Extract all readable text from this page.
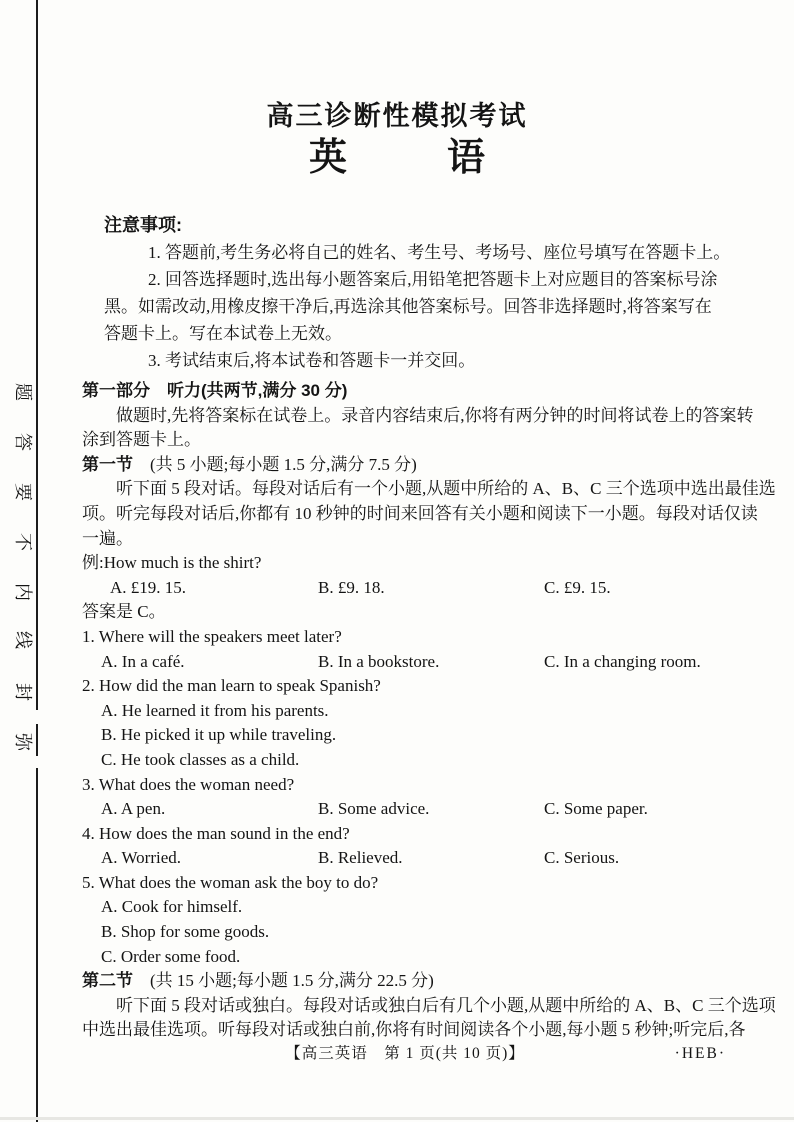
题
答
要
不
内
线
封
弥
高三诊断性模拟考试
英	语
注意事项:
1. 答题前,考生务必将自己的姓名、考生号、考场号、座位号填写在答题卡上。
2. 回答选择题时,选出每小题答案后,用铅笔把答题卡上对应题目的答案标号涂
黑。如需改动,用橡皮擦干净后,再选涂其他答案标号。回答非选择题时,将答案写在
答题卡上。写在本试卷上无效。
3. 考试结束后,将本试卷和答题卡一并交回。
第一部分　听力(共两节,满分 30 分)
做题时,先将答案标在试卷上。录音内容结束后,你将有两分钟的时间将试卷上的答案转
涂到答题卡上。
第一节　(共 5 小题;每小题 1.5 分,满分 7.5 分)
听下面 5 段对话。每段对话后有一个小题,从题中所给的 A、B、C 三个选项中选出最佳选
项。听完每段对话后,你都有 10 秒钟的时间来回答有关小题和阅读下一小题。每段对话仅读
一遍。
例:How much is the shirt?
A. £19. 15.	B. £9. 18.	C. £9. 15.
答案是 C。
1. Where will the speakers meet later?
A. In a café.	B. In a bookstore.	C. In a changing room.
2. How did the man learn to speak Spanish?
A. He learned it from his parents.
B. He picked it up while traveling.
C. He took classes as a child.
3. What does the woman need?
A. A pen.	B. Some advice.	C. Some paper.
4. How does the man sound in the end?
A. Worried.	B. Relieved.	C. Serious.
5. What does the woman ask the boy to do?
A. Cook for himself.
B. Shop for some goods.
C. Order some food.
第二节　(共 15 小题;每小题 1.5 分,满分 22.5 分)
听下面 5 段对话或独白。每段对话或独白后有几个小题,从题中所给的 A、B、C 三个选项
中选出最佳选项。听每段对话或独白前,你将有时间阅读各个小题,每小题 5 秒钟;听完后,各
【高三英语　第 1 页(共 10 页)】	·HEB·
